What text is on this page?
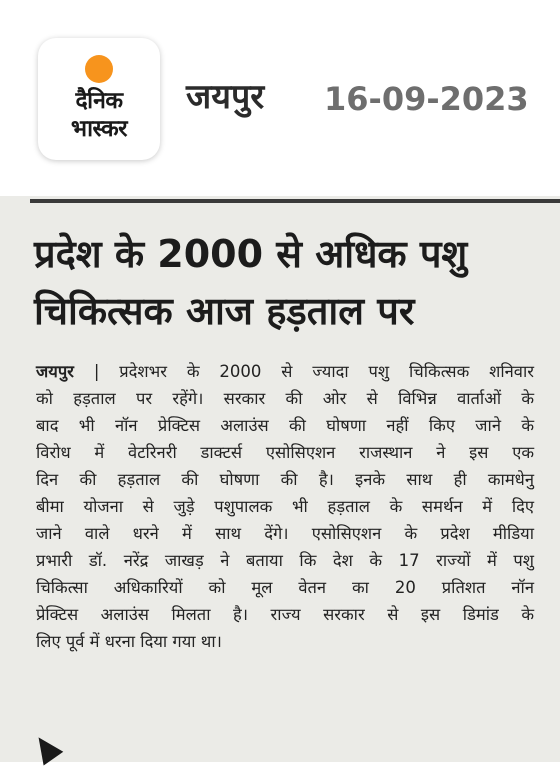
दैनिक
भास्कर
जयपुर 16-09-2023
प्रदेश के 2000 से अधिक पशु
चिकित्सक आज हड़ताल पर
जयपुर | प्रदेशभर के 2000 से ज्यादा पशु चिकित्सक शनिवार
को हड़ताल पर रहेंगे। सरकार की ओर से विभिन्न वार्ताओं के
बाद भी नॉन प्रेक्टिस अलाउंस की घोषणा नहीं किए जाने के
विरोध में वेटरिनरी डाक्टर्स एसोसिएशन राजस्थान ने इस एक
दिन की हड़ताल की घोषणा की है। इनके साथ ही कामधेनु
बीमा योजना से जुड़े पशुपालक भी हड़ताल के समर्थन में दिए
जाने वाले धरने में साथ देंगे। एसोसिएशन के प्रदेश मीडिया
प्रभारी डॉ. नरेंद्र जाखड़ ने बताया कि देश के 17 राज्यों में पशु
चिकित्सा अधिकारियों को मूल वेतन का 20 प्रतिशत नॉन
प्रेक्टिस अलाउंस मिलता है। राज्य सरकार से इस डिमांड के
लिए पूर्व में धरना दिया गया था।
